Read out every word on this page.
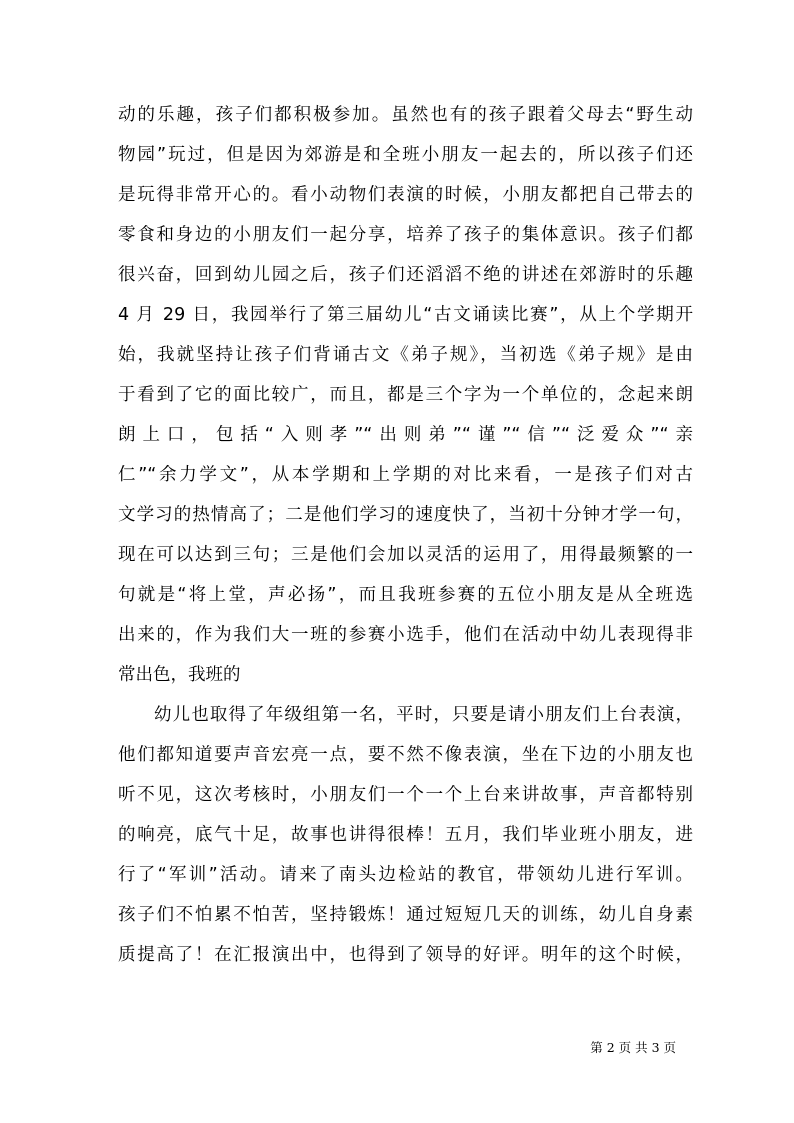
动的乐趣，孩子们都积极参加。虽然也有的孩子跟着父母去“野生动
物园”玩过，但是因为郊游是和全班小朋友一起去的，所以孩子们还
是玩得非常开心的。看小动物们表演的时候，小朋友都把自己带去的
零食和身边的小朋友们一起分享，培养了孩子的集体意识。孩子们都
很兴奋，回到幼儿园之后，孩子们还滔滔不绝的讲述在郊游时的乐趣
4 月 29 日，我园举行了第三届幼儿“古文诵读比赛”，从上个学期开
始，我就坚持让孩子们背诵古文《弟子规》，当初选《弟子规》是由
于看到了它的面比较广，而且，都是三个字为一个单位的，念起来朗
朗上口，包括“入则孝”“出则弟”“谨”“信”“泛爱众”“亲
仁”“余力学文”，从本学期和上学期的对比来看，一是孩子们对古
文学习的热情高了；二是他们学习的速度快了，当初十分钟才学一句，
现在可以达到三句；三是他们会加以灵活的运用了，用得最频繁的一
句就是“将上堂，声必扬”，而且我班参赛的五位小朋友是从全班选
出来的，作为我们大一班的参赛小选手，他们在活动中幼儿表现得非
常出色，我班的
幼儿也取得了年级组第一名，平时，只要是请小朋友们上台表演，
他们都知道要声音宏亮一点，要不然不像表演，坐在下边的小朋友也
听不见，这次考核时，小朋友们一个一个上台来讲故事，声音都特别
的响亮，底气十足，故事也讲得很棒！五月，我们毕业班小朋友，进
行了“军训”活动。请来了南头边检站的教官，带领幼儿进行军训。
孩子们不怕累不怕苦，坚持锻炼！通过短短几天的训练，幼儿自身素
质提高了！在汇报演出中，也得到了领导的好评。明年的这个时候，
第 2 页 共 3 页
